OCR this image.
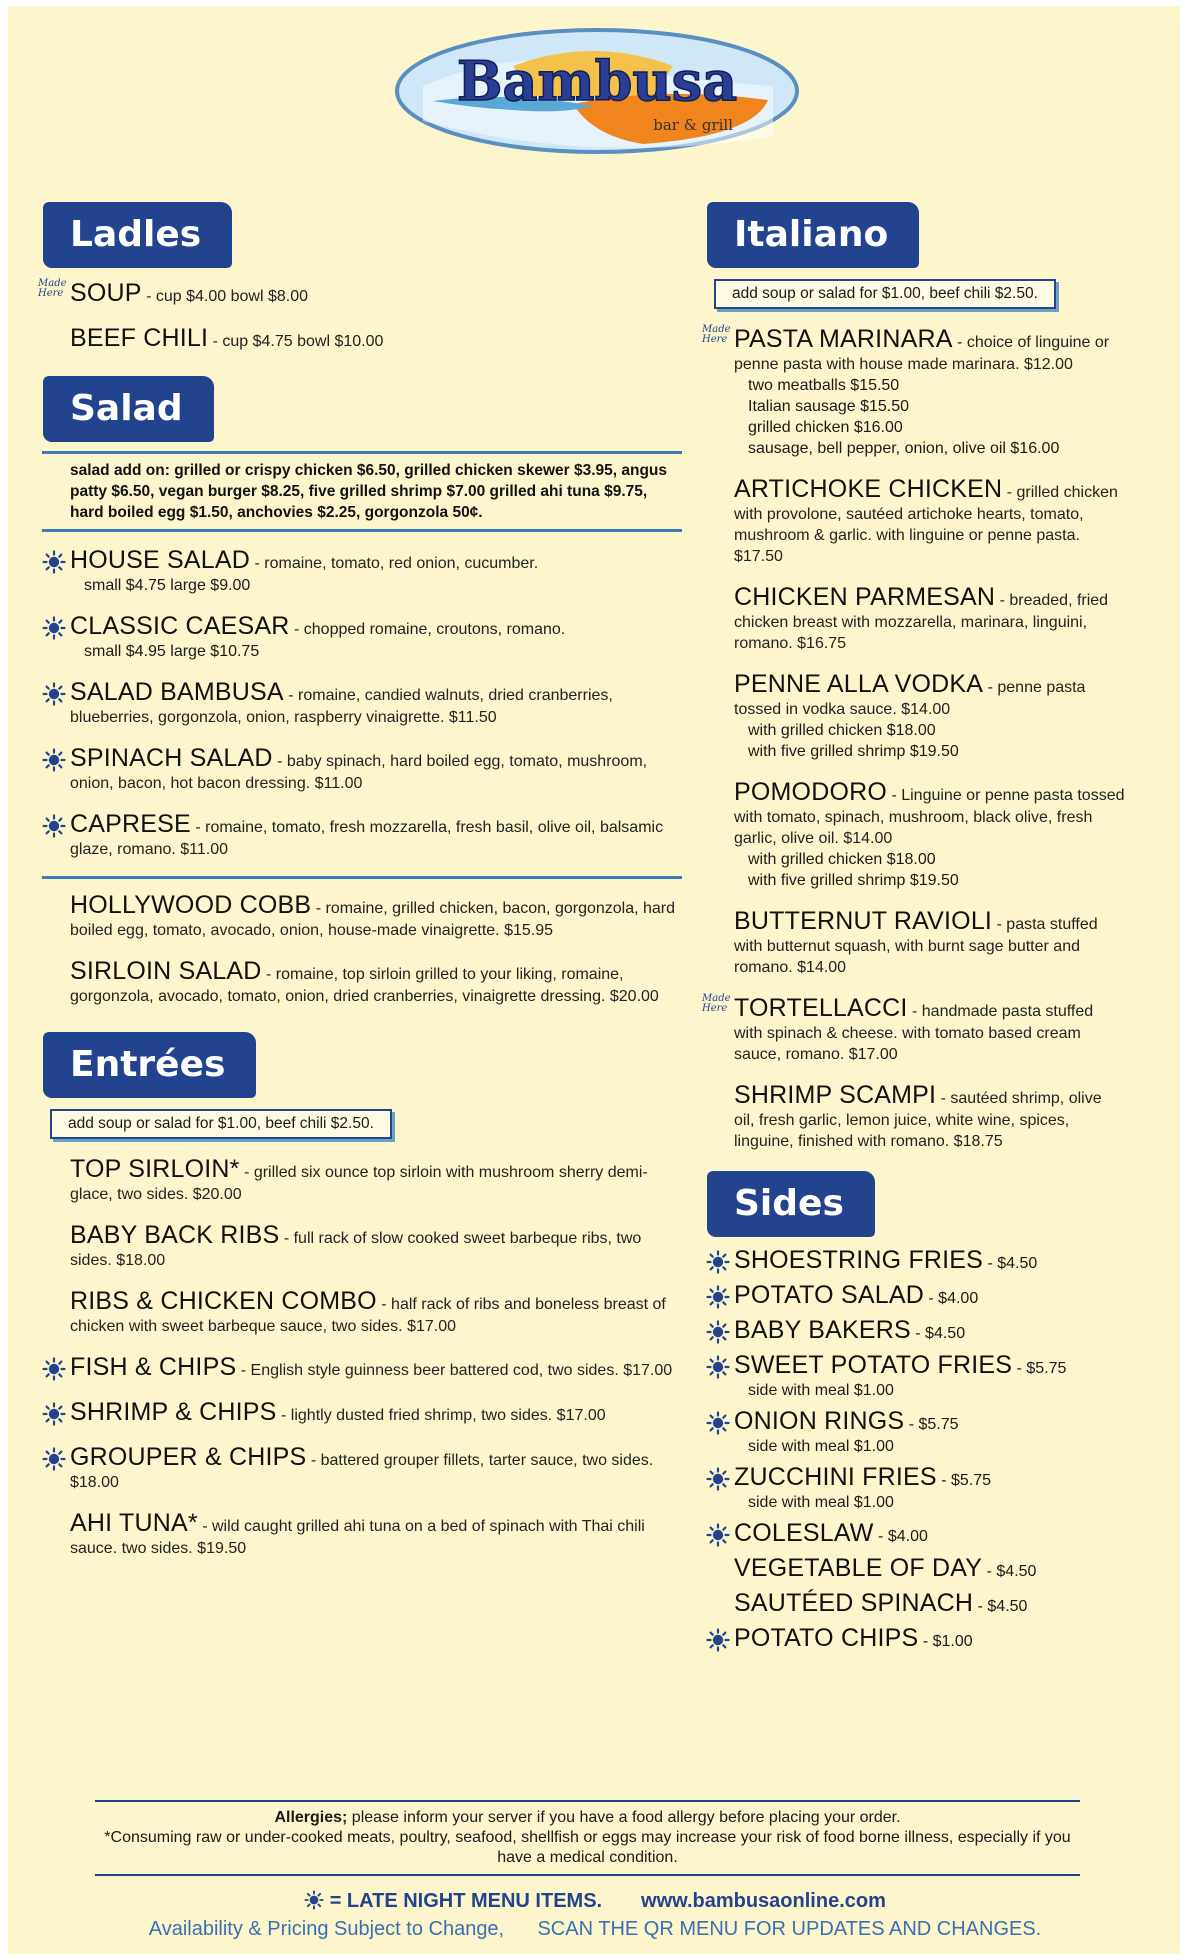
Bambusa
bar & grill
Ladles
Made Here SOUP - cup $4.00 bowl $8.00
BEEF CHILI - cup $4.75 bowl $10.00
Salad
salad add on: grilled or crispy chicken $6.50, grilled chicken skewer $3.95, angus patty $6.50, vegan burger $8.25, five grilled shrimp $7.00 grilled ahi tuna $9.75, hard boiled egg $1.50, anchovies $2.25, gorgonzola 50¢.
HOUSE SALAD - romaine, tomato, red onion, cucumber.
small $4.75 large $9.00
CLASSIC CAESAR - chopped romaine, croutons, romano.
small $4.95 large $10.75
SALAD BAMBUSA - romaine, candied walnuts, dried cranberries, blueberries, gorgonzola, onion, raspberry vinaigrette. $11.50
SPINACH SALAD - baby spinach, hard boiled egg, tomato, mushroom, onion, bacon, hot bacon dressing. $11.00
CAPRESE - romaine, tomato, fresh mozzarella, fresh basil, olive oil, balsamic glaze, romano. $11.00
HOLLYWOOD COBB - romaine, grilled chicken, bacon, gorgonzola, hard boiled egg, tomato, avocado, onion, house-made vinaigrette. $15.95
SIRLOIN SALAD - romaine, top sirloin grilled to your liking, romaine, gorgonzola, avocado, tomato, onion, dried cranberries, vinaigrette dressing. $20.00
Entrées
add soup or salad for $1.00, beef chili $2.50.
TOP SIRLOIN* - grilled six ounce top sirloin with mushroom sherry demi-glace, two sides. $20.00
BABY BACK RIBS - full rack of slow cooked sweet barbeque ribs, two sides. $18.00
RIBS & CHICKEN COMBO - half rack of ribs and boneless breast of chicken with sweet barbeque sauce, two sides. $17.00
FISH & CHIPS - English style guinness beer battered cod, two sides. $17.00
SHRIMP & CHIPS - lightly dusted fried shrimp, two sides. $17.00
GROUPER & CHIPS - battered grouper fillets, tarter sauce, two sides. $18.00
AHI TUNA* - wild caught grilled ahi tuna on a bed of spinach with Thai chili sauce. two sides. $19.50
Italiano
add soup or salad for $1.00, beef chili $2.50.
Made Here PASTA MARINARA - choice of linguine or penne pasta with house made marinara. $12.00
two meatballs $15.50
Italian sausage $15.50
grilled chicken $16.00
sausage, bell pepper, onion, olive oil $16.00
ARTICHOKE CHICKEN - grilled chicken with provolone, sautéed artichoke hearts, tomato, mushroom & garlic. with linguine or penne pasta. $17.50
CHICKEN PARMESAN - breaded, fried chicken breast with mozzarella, marinara, linguini, romano. $16.75
PENNE ALLA VODKA - penne pasta tossed in vodka sauce. $14.00
with grilled chicken $18.00
with five grilled shrimp $19.50
POMODORO - Linguine or penne pasta tossed with tomato, spinach, mushroom, black olive, fresh garlic, olive oil. $14.00
with grilled chicken $18.00
with five grilled shrimp $19.50
BUTTERNUT RAVIOLI - pasta stuffed with butternut squash, with burnt sage butter and romano. $14.00
Made Here TORTELLACCI - handmade pasta stuffed with spinach & cheese. with tomato based cream sauce, romano. $17.00
SHRIMP SCAMPI - sautéed shrimp, olive oil, fresh garlic, lemon juice, white wine, spices, linguine, finished with romano. $18.75
Sides
SHOESTRING FRIES - $4.50
POTATO SALAD - $4.00
BABY BAKERS - $4.50
SWEET POTATO FRIES - $5.75
side with meal $1.00
ONION RINGS - $5.75
side with meal $1.00
ZUCCHINI FRIES - $5.75
side with meal $1.00
COLESLAW - $4.00
VEGETABLE OF DAY - $4.50
SAUTÉED SPINACH - $4.50
POTATO CHIPS - $1.00
Allergies; please inform your server if you have a food allergy before placing your order.
*Consuming raw or under-cooked meats, poultry, seafood, shellfish or eggs may increase your risk of food borne illness, especially if you have a medical condition.
= LATE NIGHT MENU ITEMS. www.bambusaonline.com
Availability & Pricing Subject to Change, SCAN THE QR MENU FOR UPDATES AND CHANGES.
